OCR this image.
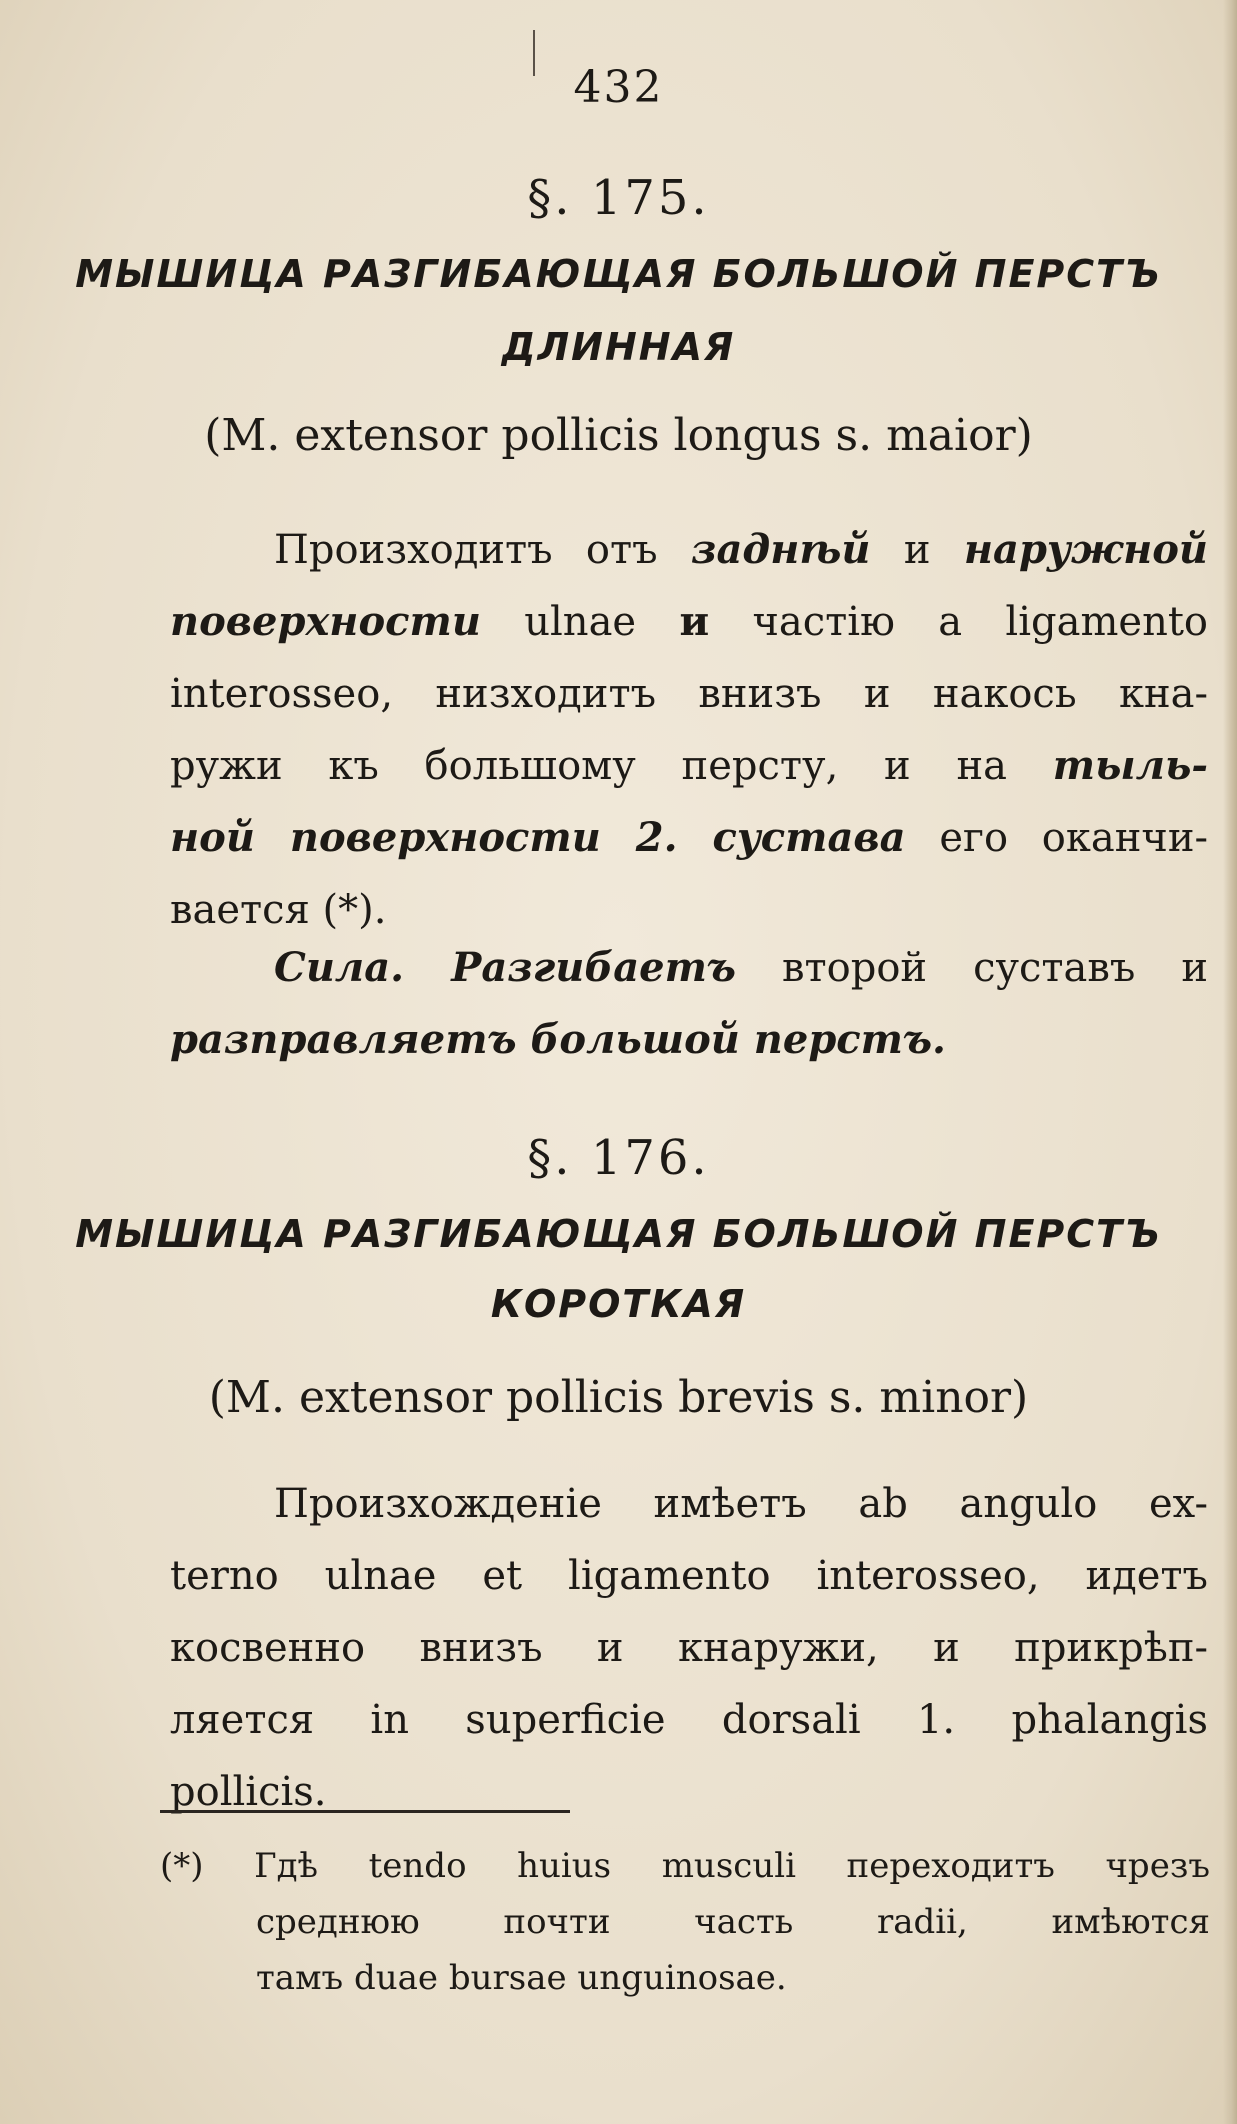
432
§. 175.
МЫШИЦА РАЗГИБАЮЩАЯ БОЛЬШОЙ ПЕРСТЪ
ДЛИННАЯ
(M. extensor pollicis longus s. maior)
Произходитъ отъ заднѣй и наружной
поверхности ulnae и частію a ligamento
interosseo, низходитъ внизъ и накось кна-
ружи къ большому персту, и на тыль-
ной поверхности 2. сустава его оканчи-
вается (*).
Сила. Разгибаетъ второй суставъ и
разправляетъ большой перстъ.
§. 176.
МЫШИЦА РАЗГИБАЮЩАЯ БОЛЬШОЙ ПЕРСТЪ
КОРОТКАЯ
(M. extensor pollicis brevis s. minor)
Произхожденіе имѣетъ ab angulo ex-
terno ulnae et ligamento interosseo, идетъ
косвенно внизъ и кнаружи, и прикрѣп-
ляется in superficie dorsali 1. phalangis
pollicis.
(*) Гдѣ tendo huius musculi переходитъ чрезъ
среднюю почти часть radii, имѣются
тамъ duae bursae unguinosae.
